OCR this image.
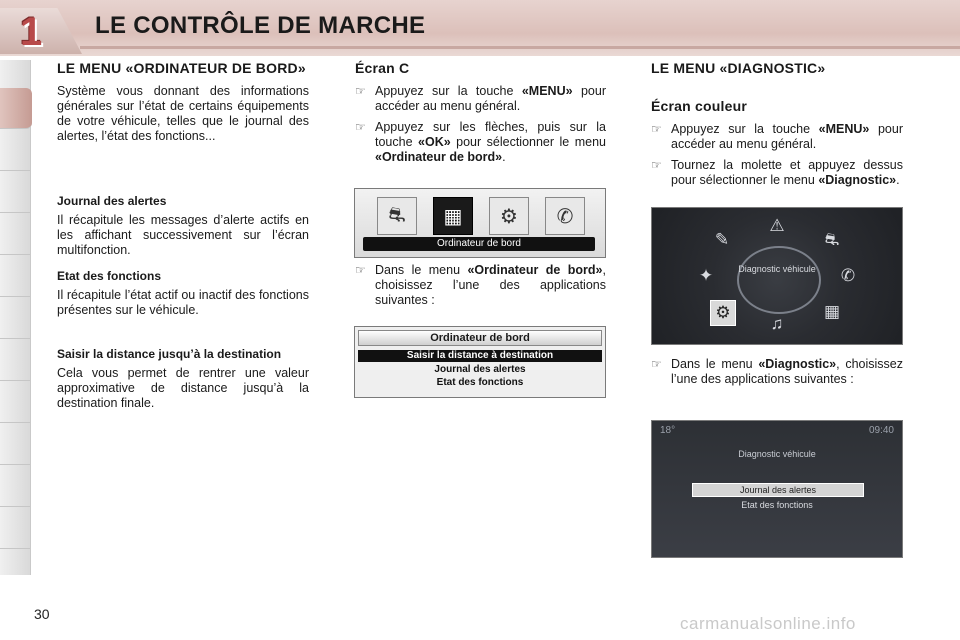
1 LE CONTRÔLE DE MARCHE
LE MENU «ORDINATEUR DE BORD»

Système vous donnant des informations générales sur l’état de certains équipements de votre véhicule, telles que le journal des alertes, l’état des fonctions...

Journal des alertes

Il récapitule les messages d’alerte actifs en les affichant successivement sur l’écran multifonction.

Etat des fonctions

Il récapitule l’état actif ou inactif des fonctions présentes sur le véhicule.

Saisir la distance jusqu’à la destination

Cela vous permet de rentrer une valeur approximative de distance jusqu’à la destination finale.

Écran C
☞ Appuyez sur la touche «MENU» pour accéder au menu général.
☞ Appuyez sur les flèches, puis sur la touche «OK» pour sélectionner le menu «Ordinateur de bord».
☞ Dans le menu «Ordinateur de bord», choisissez l’une des applications suivantes :
⛐	▦	⚙	✆
Ordinateur de bord
Ordinateur de bord
Saisir la distance à destination
Journal des alertes
Etat des fonctions
LE MENU «DIAGNOSTIC»
Écran couleur
☞ Appuyez sur la touche «MENU» pour accéder au menu général.
☞ Tournez la molette et appuyez dessus pour sélectionner le menu «Diagnostic».
☞ Dans le menu «Diagnostic», choisissez l’une des applications suivantes :
Diagnostic véhicule
⚠
✎	⛐
✦	✆
⚙
♫
▦
18°	09:40
Diagnostic véhicule
Journal des alertes
Etat des fonctions
30	carmanualsonline.info
